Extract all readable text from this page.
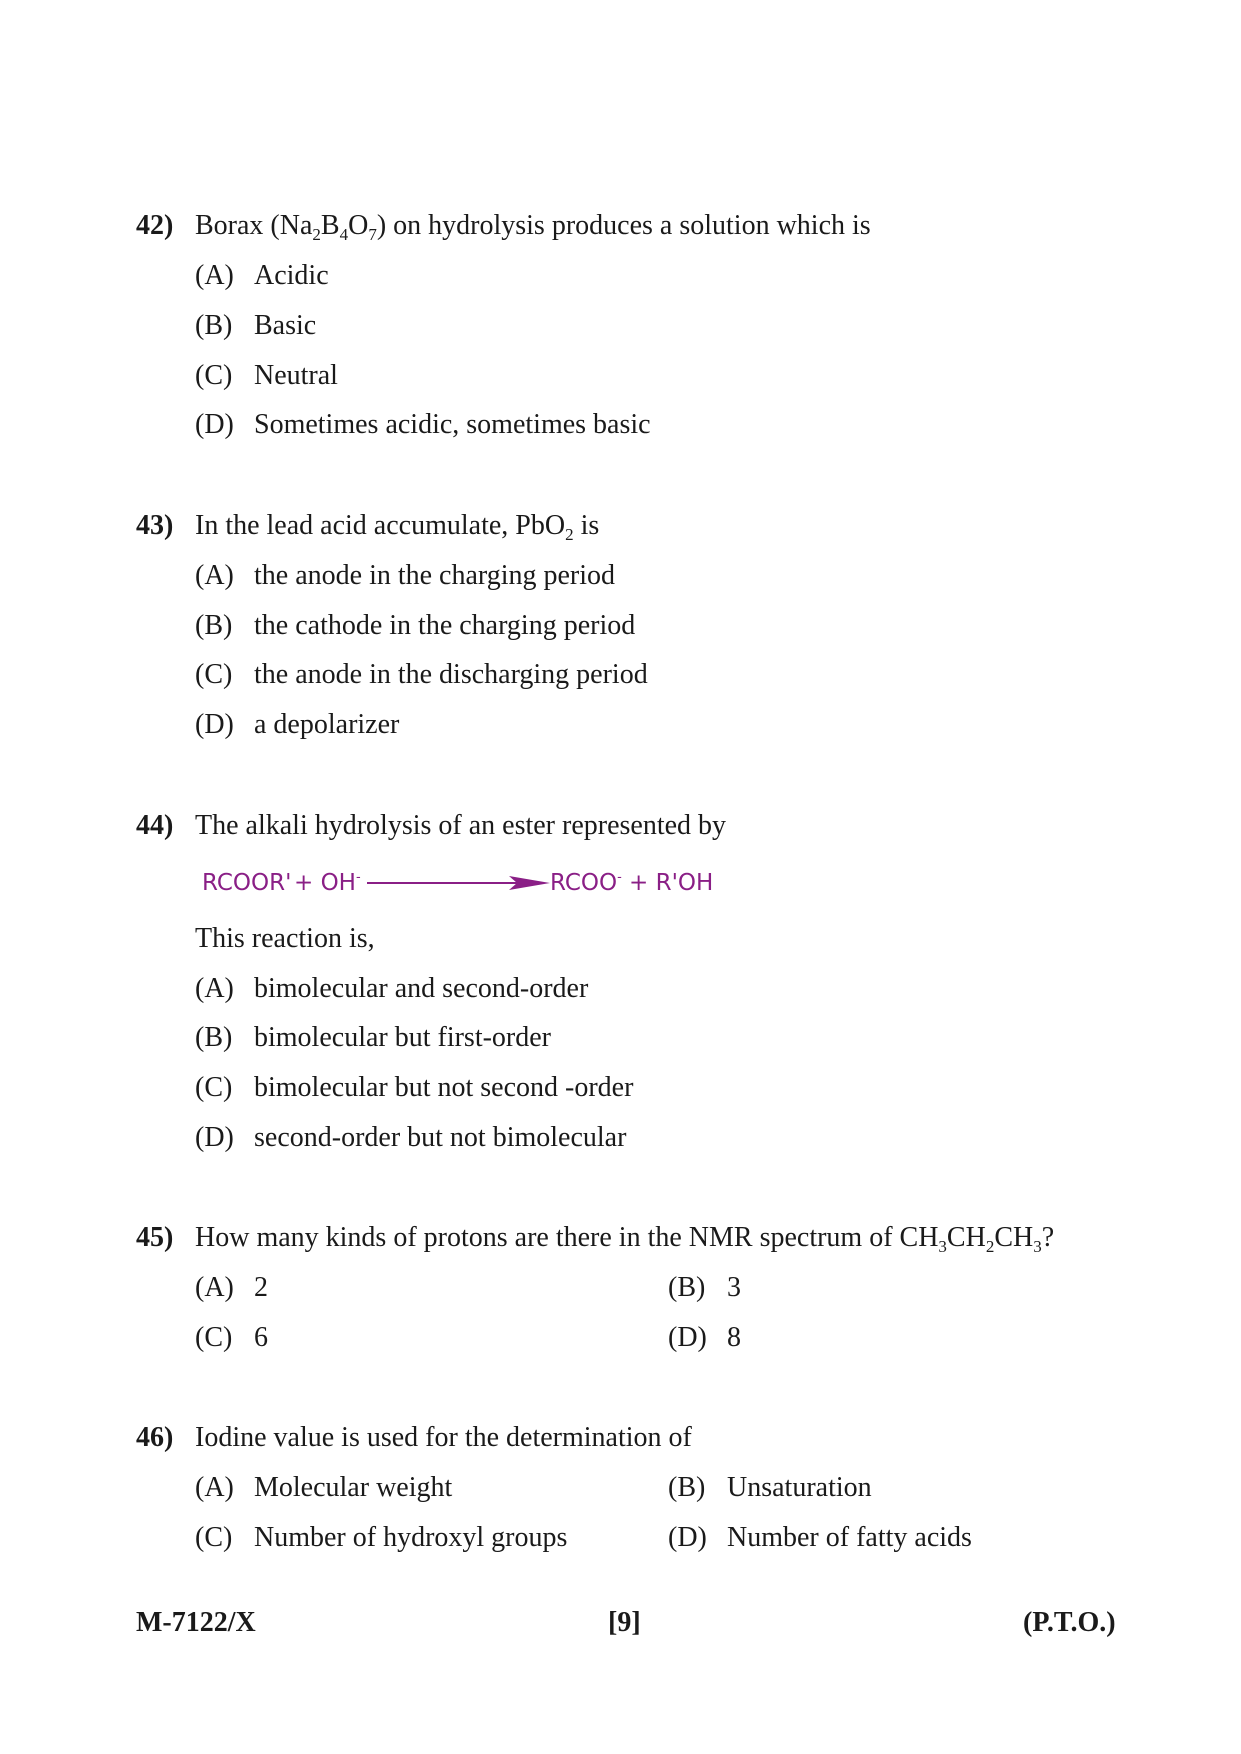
42) Borax $(Na_2B_4O_7)$ on hydrolysis produces a solution which is
(A) Acidic
(B) Basic
(C) Neutral
(D) Sometimes acidic, sometimes basic
43) In the lead acid accumulate, PbO$_2$ is
(A) the anode in the charging period
(B) the cathode in the charging period
(C) the anode in the discharging period
(D) a depolarizer
44) The alkali hydrolysis of an ester represented by
RCOOR' + OH-	RCOO- + R'OH
This reaction is,
(A) bimolecular and second-order
(B) bimolecular but first-order
(C) bimolecular but not second -order
(D) second-order but not bimolecular
45) How many kinds of protons are there in the NMR spectrum of $CH_3CH_2CH_3$?
(A) 2	(B) 3
(C) 6	(D) 8
46) Iodine value is used for the determination of
(A) Molecular weight	(B) Unsaturation
(C) Number of hydroxyl groups	(D) Number of fatty acids
M-7122/X	[9]	(P.T.O.)
